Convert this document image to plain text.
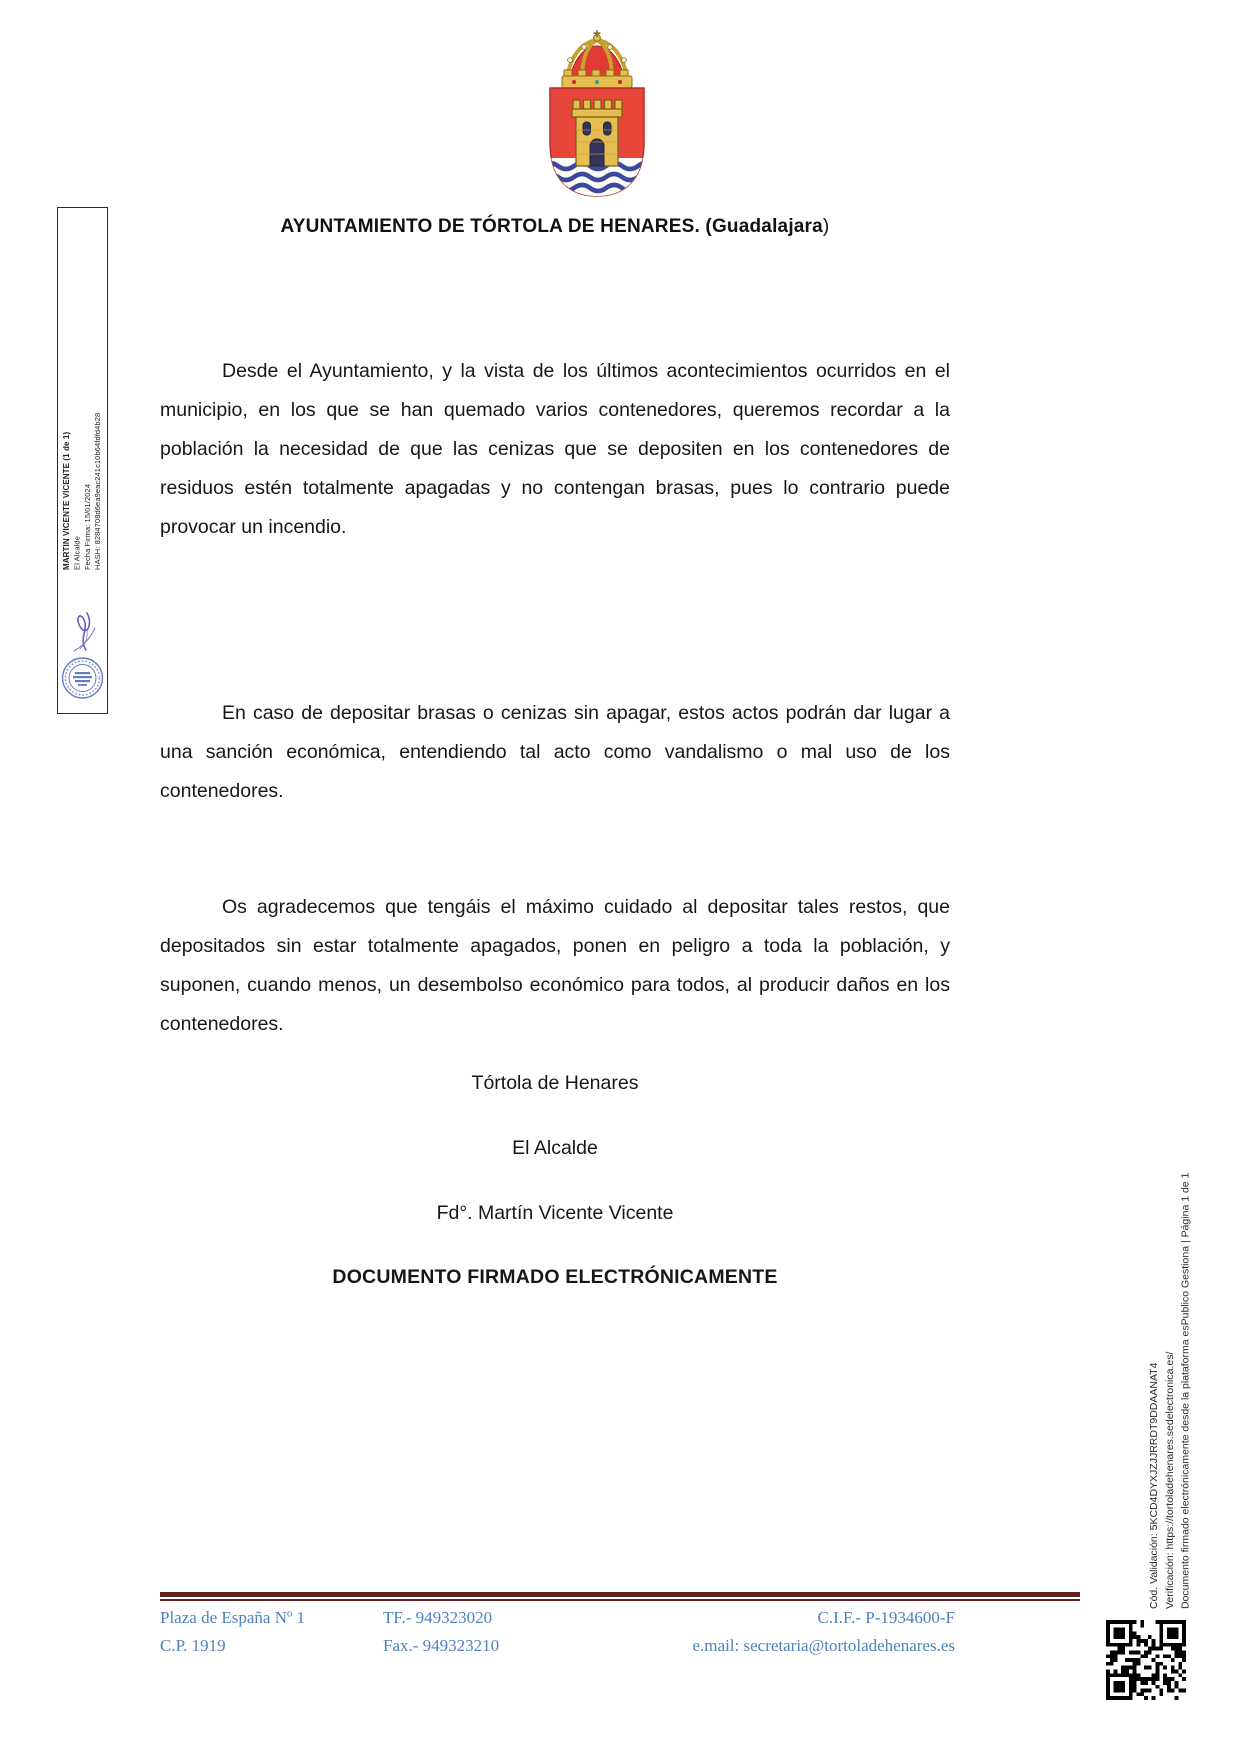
AYUNTAMIENTO DE TÓRTOLA DE HENARES. (Guadalajara)
MARTIN VICENTE VICENTE (1 de 1) El Alcalde Fecha Firma: 15/01/2024 HASH: 8284708d6ea9eac241c10b64fdfd4b28
Desde el Ayuntamiento, y la vista de los últimos acontecimientos ocurridos en el municipio, en los que se han quemado varios contenedores, queremos recordar a la población la necesidad de que las cenizas que se depositen en los contenedores de residuos estén totalmente apagadas y no contengan brasas, pues lo contrario puede provocar un incendio.
En caso de depositar brasas o cenizas sin apagar, estos actos podrán dar lugar a una sanción económica, entendiendo tal acto como vandalismo o mal uso de los contenedores.
Os agradecemos que tengáis el máximo cuidado al depositar tales restos, que depositados sin estar totalmente apagados, ponen en peligro a toda la población, y suponen, cuando menos, un desembolso económico para todos, al producir daños en los contenedores.
Tórtola de Henares
El Alcalde
Fd°. Martín Vicente Vicente
DOCUMENTO FIRMADO ELECTRÓNICAMENTE
Cód. Validación: 5KCD4DYXJZJJRRDT9DDAANAT4 Verificación: https://tortoladehenares.sedelectronica.es/ Documento firmado electrónicamente desde la plataforma esPublico Gestiona | Página 1 de 1
Plaza de España Nº 1
C.P. 1919
TF.- 949323020
Fax.- 949323210
C.I.F.- P-1934600-F
e.mail: secretaria@tortoladehenares.es
